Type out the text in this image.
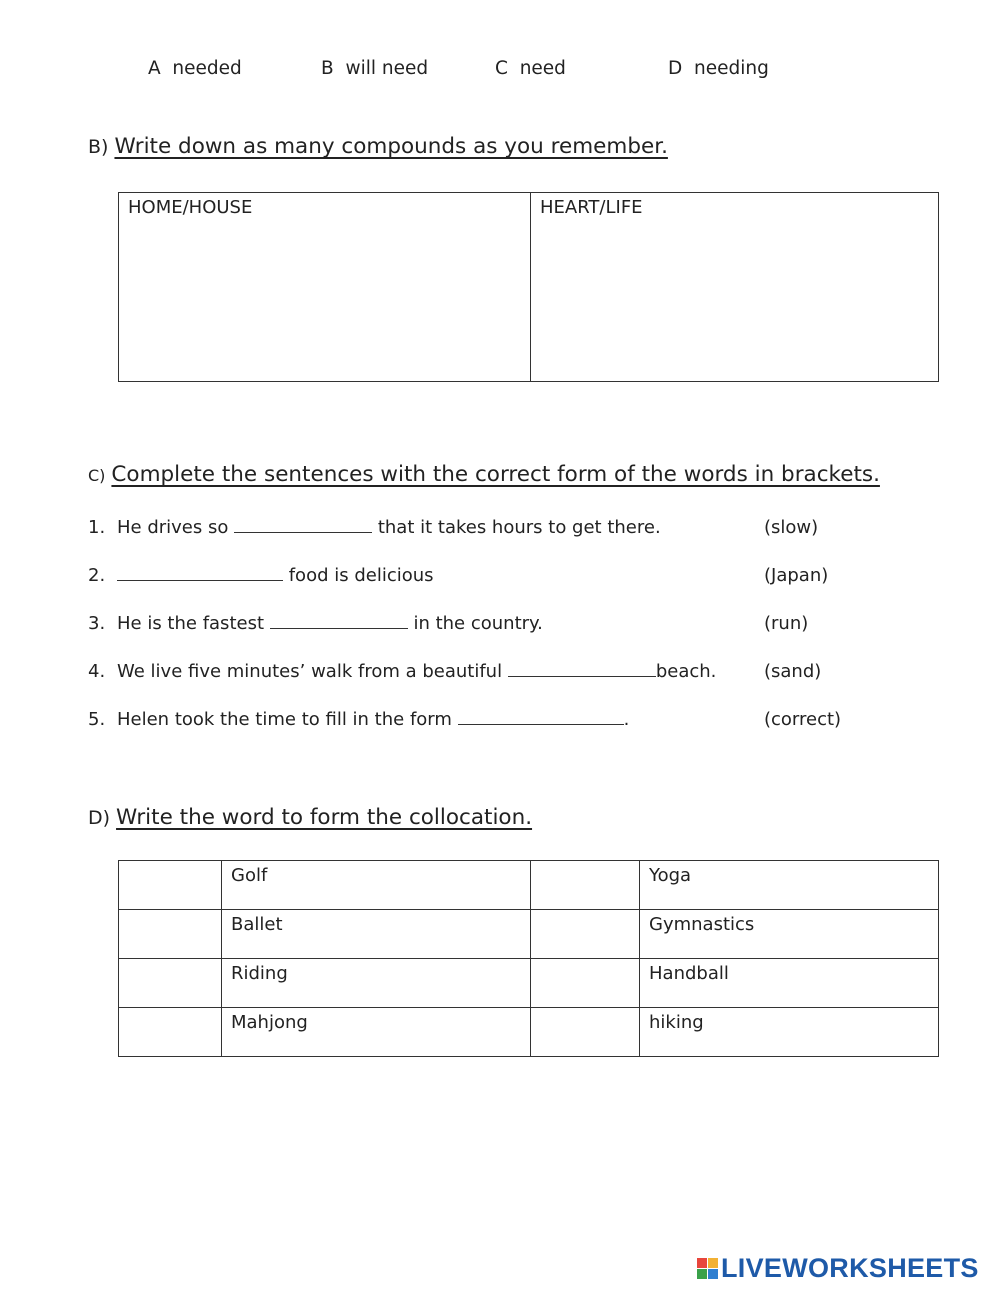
A needed	B will need	C need	D needing
B) Write down as many compounds as you remember.
HOME/HOUSE	HEART/LIFE
C) Complete the sentences with the correct form of the words in brackets.
1. He drives so	that it takes hours to get there.	(slow)
2.	food is delicious	(Japan)
3. He is the fastest	in the country.	(run)
4. We live five minutes’ walk from a beautiful	beach.	(sand)
5. Helen took the time to fill in the form	.	(correct)
D) Write the word to form the collocation.

	Golf		Yoga

	Ballet		Gymnastics

	Riding		Handball

	Mahjong		hiking
LIVEWORKSHEETS
